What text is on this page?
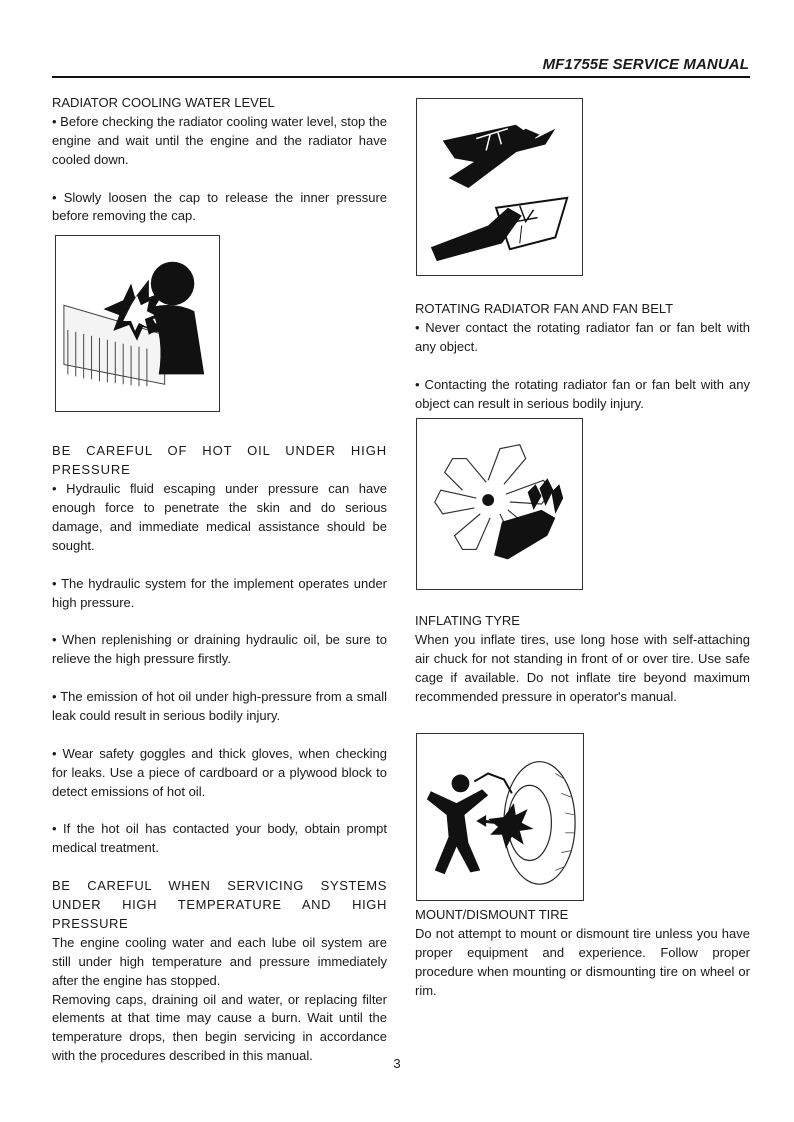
MF1755E SERVICE MANUAL

RADIATOR COOLING WATER LEVEL

• Before checking the radiator cooling water level, stop the engine and wait until the engine and the radiator have cooled down.

• Slowly loosen the cap to release the inner pressure before removing the cap.

BE CAREFUL OF HOT OIL UNDER HIGH PRESSURE

• Hydraulic fluid escaping under pressure can have enough force to penetrate the skin and do serious damage, and immediate medical assistance should be sought.

• The hydraulic system for the implement operates under high pressure.

• When replenishing or draining hydraulic oil, be sure to relieve the high pressure firstly.

• The emission of hot oil under high-pressure from a small leak could result in serious bodily injury.

• Wear safety goggles and thick gloves, when checking for leaks. Use a piece of cardboard or a plywood block to detect emissions of hot oil.

• If the hot oil has contacted your body, obtain prompt medical treatment.

BE CAREFUL WHEN SERVICING SYSTEMS UNDER HIGH TEMPERATURE AND HIGH PRESSURE

The engine cooling water and each lube oil system are still under high temperature and pressure immediately after the engine has stopped.

Removing caps, draining oil and water, or replacing filter elements at that time may cause a burn. Wait until the temperature drops, then begin servicing in accordance with the procedures described in this manual.

ROTATING RADIATOR FAN AND FAN BELT

• Never contact the rotating radiator fan or fan belt with any object.

• Contacting the rotating radiator fan or fan belt with any object can result in serious bodily injury.

INFLATING TYRE

When you inflate tires, use long hose with self-attaching air chuck for not standing in front of or over tire. Use safe cage if available. Do not inflate tire beyond maximum recommended pressure in operator's manual.

MOUNT/DISMOUNT TIRE

Do not attempt to mount or dismount tire unless you have proper equipment and experience. Follow proper procedure when mounting or dismounting tire on wheel or rim.

3
